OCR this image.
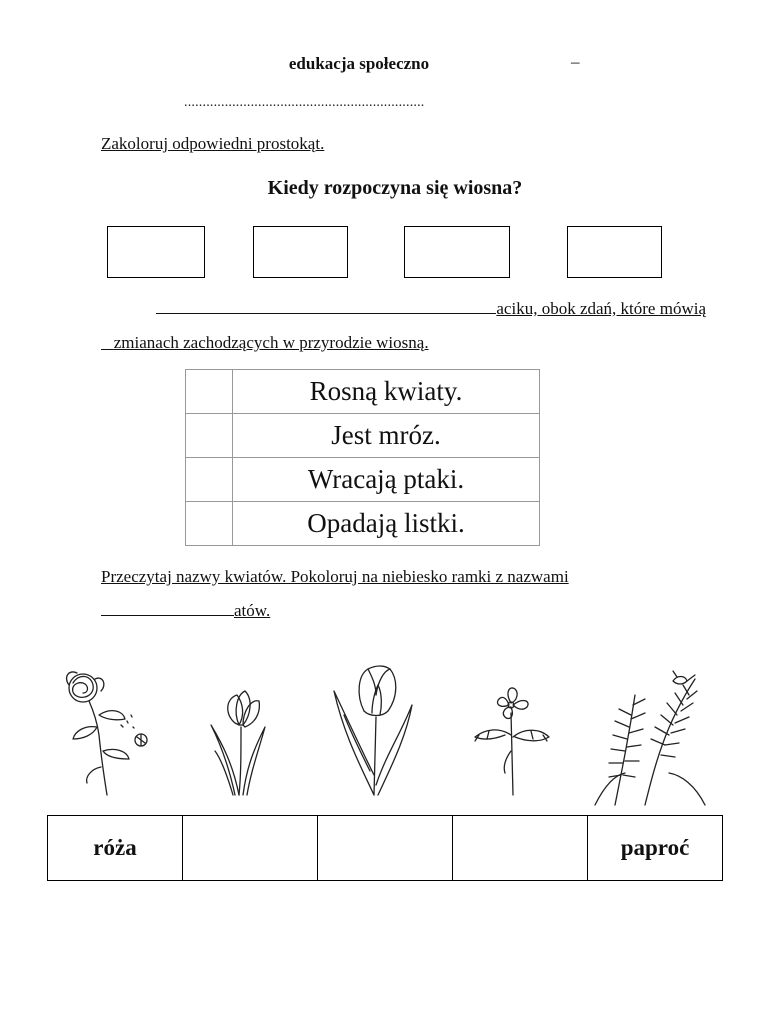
edukacja społeczno	–
.................................................................
Zakoloruj odpowiedni prostokąt.
Kiedy rozpoczyna się wiosna?
aciku, obok zdań, które mówią
zmianach zachodzących w przyrodzie wiosną.
	Rosną kwiaty.
	Jest mróz.
	Wracają ptaki.
	Opadają listki.
Przeczytaj nazwy kwiatów. Pokoloruj na niebiesko ramki z nazwami
atów.
róża				paproć
